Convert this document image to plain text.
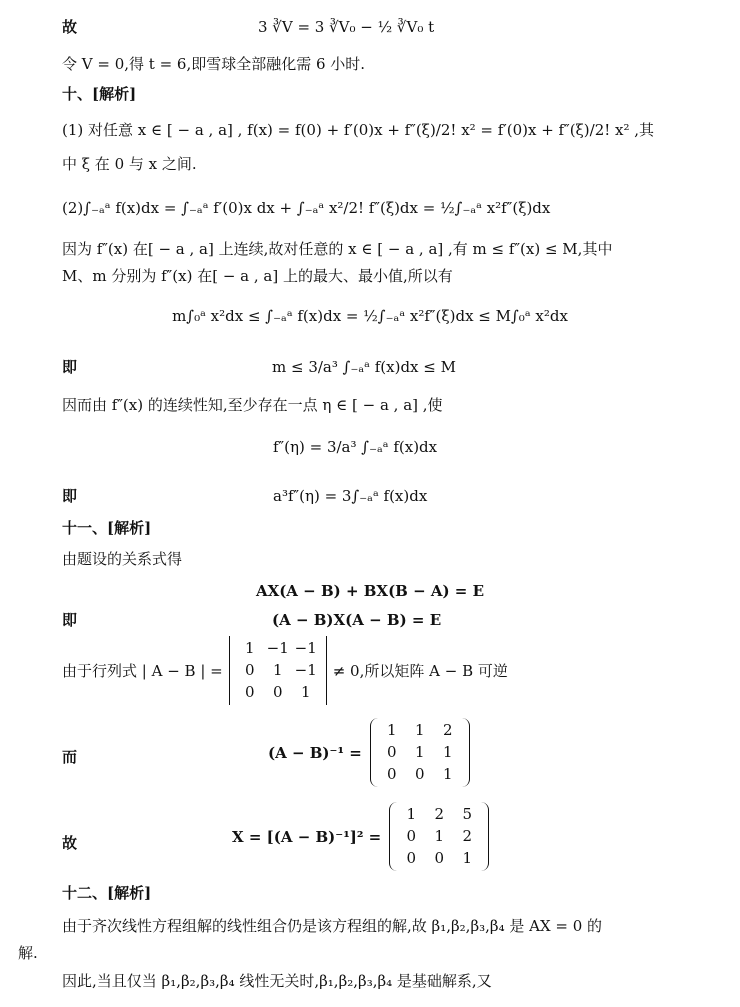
故	3 ∛V = 3 ∛V₀ − ½ ∛V₀ t
令 V = 0,得 t = 6,即雪球全部融化需 6 小时.
十、[解析]
(1) 对任意 x ∈ [ − a , a] , f(x) = f(0) + f′(0)x + f″(ξ)/2! x² = f′(0)x + f″(ξ)/2! x² ,其
中 ξ 在 0 与 x 之间.
(2)∫₋ₐᵃ f(x)dx = ∫₋ₐᵃ f′(0)x dx + ∫₋ₐᵃ x²/2! f″(ξ)dx = ½∫₋ₐᵃ x²f″(ξ)dx
因为 f″(x) 在[ − a , a] 上连续,故对任意的 x ∈ [ − a , a] ,有 m ≤ f″(x) ≤ M,其中
M、m 分别为 f″(x) 在[ − a , a] 上的最大、最小值,所以有
m∫₀ᵃ x²dx ≤ ∫₋ₐᵃ f(x)dx = ½∫₋ₐᵃ x²f″(ξ)dx ≤ M∫₀ᵃ x²dx
即	m ≤ 3/a³ ∫₋ₐᵃ f(x)dx ≤ M
因而由 f″(x) 的连续性知,至少存在一点 η ∈ [ − a , a] ,使
f″(η) = 3/a³ ∫₋ₐᵃ f(x)dx
即	a³f″(η) = 3∫₋ₐᵃ f(x)dx
十一、[解析]
由题设的关系式得
AX(A − B) + BX(B − A) = E
即	(A − B)X(A − B) = E
由于行列式 | A − B | =
1 −1 −1
0	1 −1
0	0	1
≠ 0,所以矩阵 A − B 可逆
而	(A − B)⁻¹ =
1	1	2
0	1	1
0	0	1
故	X = [(A − B)⁻¹]² =
1	2	5
0	1	2
0	0	1
十二、[解析]
由于齐次线性方程组解的线性组合仍是该方程组的解,故 β₁,β₂,β₃,β₄ 是 AX = 0 的
解.
因此,当且仅当 β₁,β₂,β₃,β₄ 线性无关时,β₁,β₂,β₃,β₄ 是基础解系,又
